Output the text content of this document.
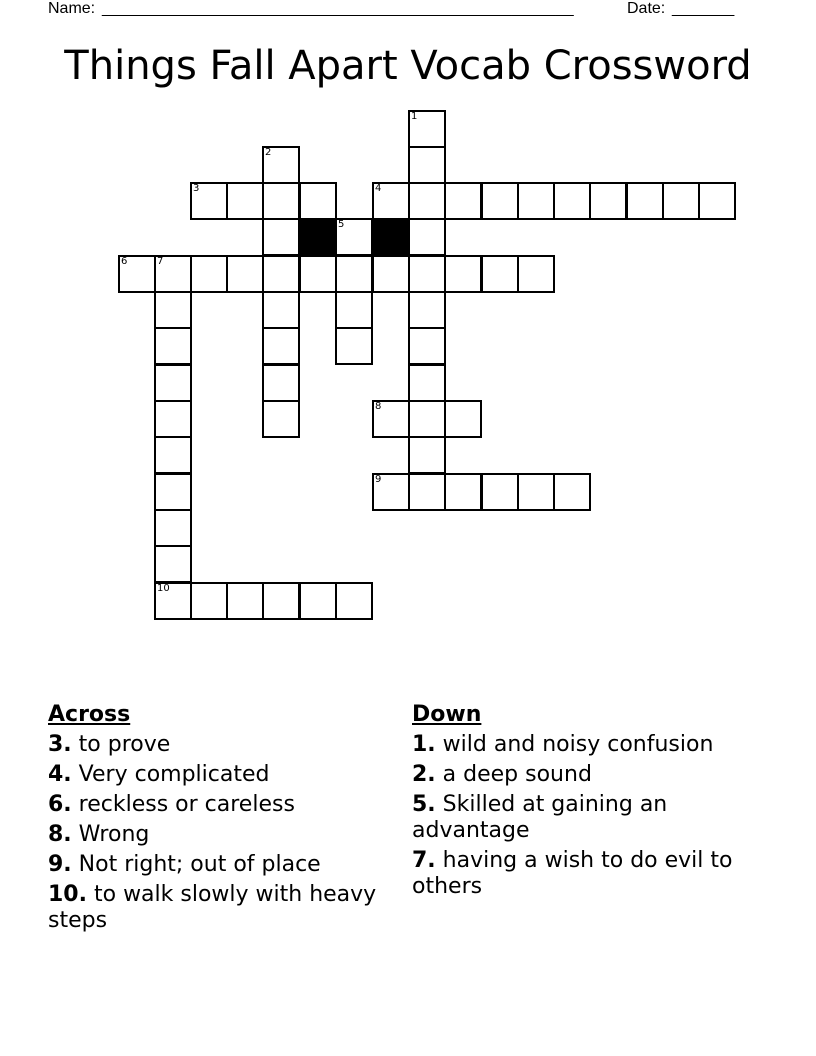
Name: _____________________________________________________	Date: _______
Things Fall Apart Vocab Crossword
1
2
3	4
5
6	7
10
8
9
Across
3. to prove
4. Very complicated
6. reckless or careless
8. Wrong
9. Not right; out of place
10. to walk slowly with heavy steps
Down
1. wild and noisy confusion
2. a deep sound
5. Skilled at gaining an advantage
7. having a wish to do evil to others
